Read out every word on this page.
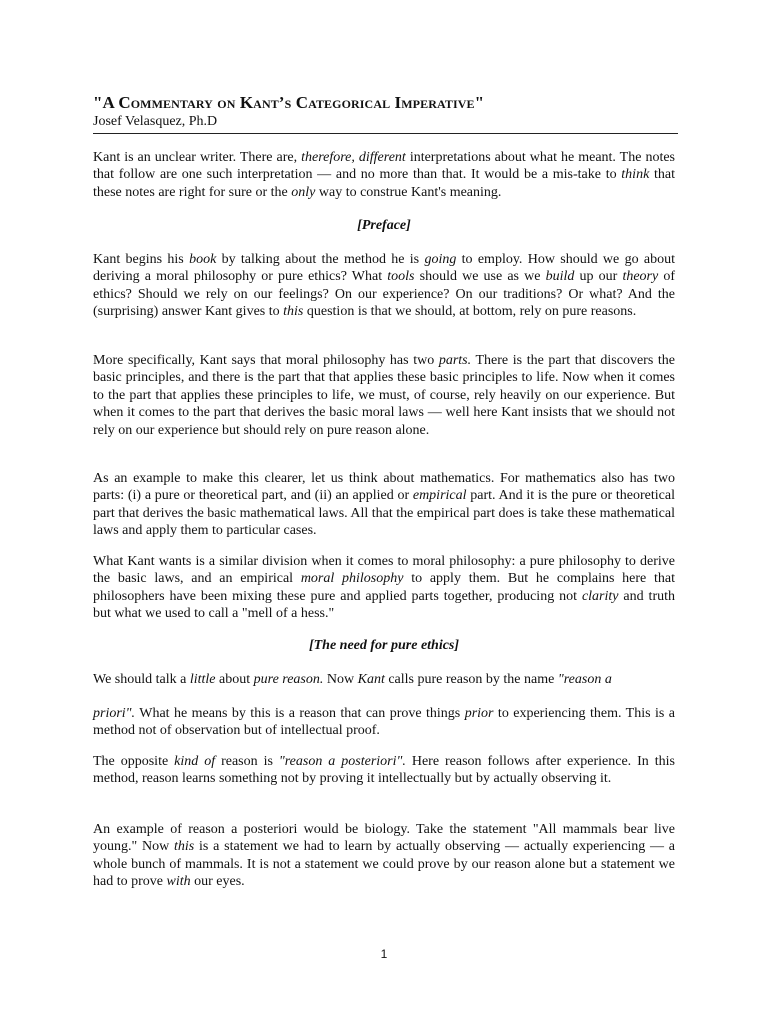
"A Commentary on Kant’s Categorical Imperative"
Josef Velasquez, Ph.D

Kant is an unclear writer. There are, therefore, different interpretations about what he meant. The notes that follow are one such interpretation — and no more than that. It would be a mis-take to think that these notes are right for sure or the only way to construe Kant's meaning.

[Preface]

Kant begins his book by talking about the method he is going to employ. How should we go about deriving a moral philosophy or pure ethics? What tools should we use as we build up our theory of ethics? Should we rely on our feelings? On our experience? On our traditions? Or what? And the (surprising) answer Kant gives to this question is that we should, at bottom, rely on pure reasons.

More specifically, Kant says that moral philosophy has two parts. There is the part that discovers the basic principles, and there is the part that that applies these basic principles to life. Now when it comes to the part that applies these principles to life, we must, of course, rely heavily on our experience. But when it comes to the part that derives the basic moral laws — well here Kant insists that we should not rely on our experience but should rely on pure reason alone.

As an example to make this clearer, let us think about mathematics. For mathematics also has two parts: (i) a pure or theoretical part, and (ii) an applied or empirical part. And it is the pure or theoretical part that derives the basic mathematical laws. All that the empirical part does is take these mathematical laws and apply them to particular cases.

What Kant wants is a similar division when it comes to moral philosophy: a pure philosophy to derive the basic laws, and an empirical moral philosophy to apply them. But he complains here that philosophers have been mixing these pure and applied parts together, producing not clarity and truth but what we used to call a "mell of a hess."

[The need for pure ethics]

We should talk a little about pure reason. Now Kant calls pure reason by the name "reason a

priori". What he means by this is a reason that can prove things prior to experiencing them. This is a method not of observation but of intellectual proof.

The opposite kind of reason is "reason a posteriori". Here reason follows after experience. In this method, reason learns something not by proving it intellectually but by actually observing it.

An example of reason a posteriori would be biology. Take the statement "All mammals bear live young." Now this is a statement we had to learn by actually observing — actually experiencing — a whole bunch of mammals. It is not a statement we could prove by our reason alone but a statement we had to prove with our eyes.

1
